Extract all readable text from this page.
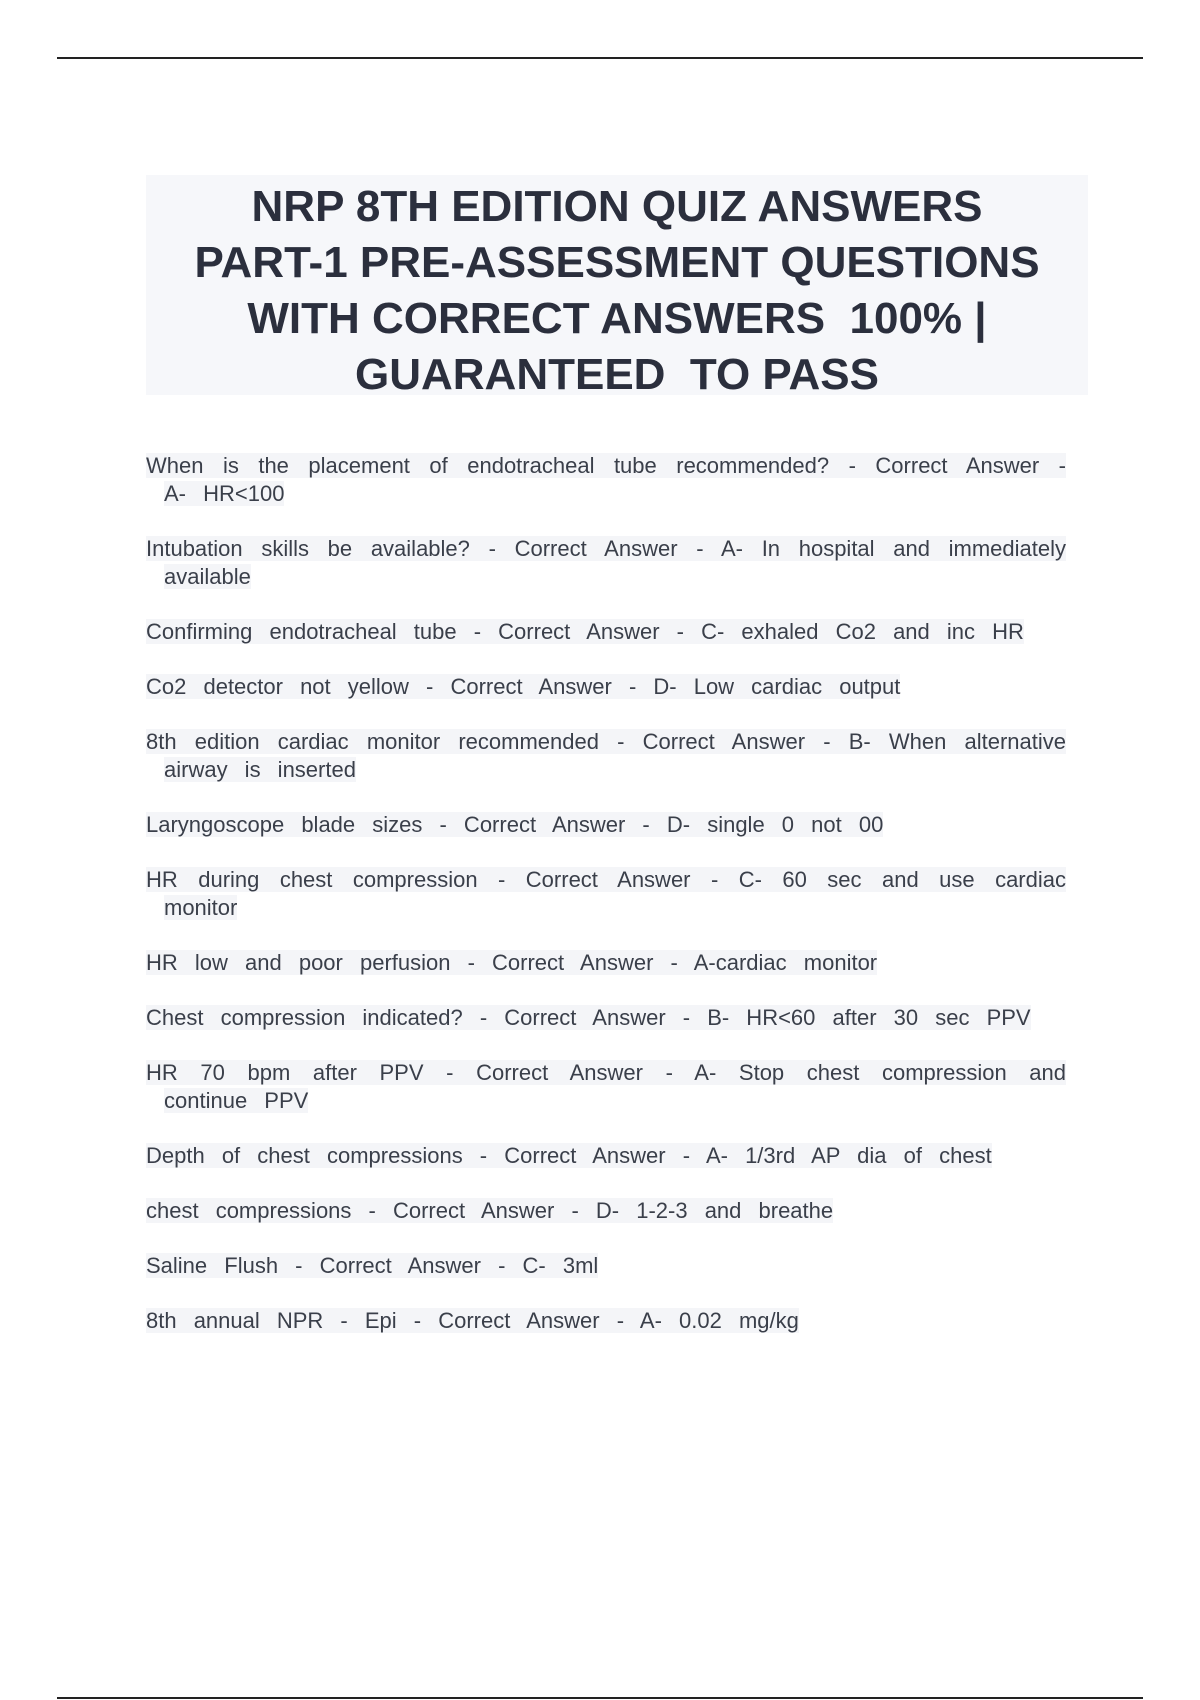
NRP 8TH EDITION QUIZ ANSWERS
PART-1 PRE-ASSESSMENT QUESTIONS
WITH CORRECT ANSWERS  100% |
GUARANTEED  TO PASS

When is the placement of endotracheal tube recommended? - Correct Answer - A- HR<100

Intubation skills be available? - Correct Answer - A- In hospital and immediately available

Confirming endotracheal tube - Correct Answer - C- exhaled Co2 and inc HR

Co2 detector not yellow - Correct Answer - D- Low cardiac output

8th edition cardiac monitor recommended - Correct Answer - B- When alternative airway is inserted

Laryngoscope blade sizes - Correct Answer - D- single 0 not 00

HR during chest compression - Correct Answer - C- 60 sec and use cardiac monitor

HR low and poor perfusion - Correct Answer - A-cardiac monitor

Chest compression indicated? - Correct Answer - B- HR<60 after 30 sec PPV

HR 70 bpm after PPV - Correct Answer - A- Stop chest compression and continue PPV

Depth of chest compressions - Correct Answer - A- 1/3rd AP dia of chest

chest compressions - Correct Answer - D- 1-2-3 and breathe

Saline Flush - Correct Answer - C- 3ml

8th annual NPR - Epi - Correct Answer - A- 0.02 mg/kg
